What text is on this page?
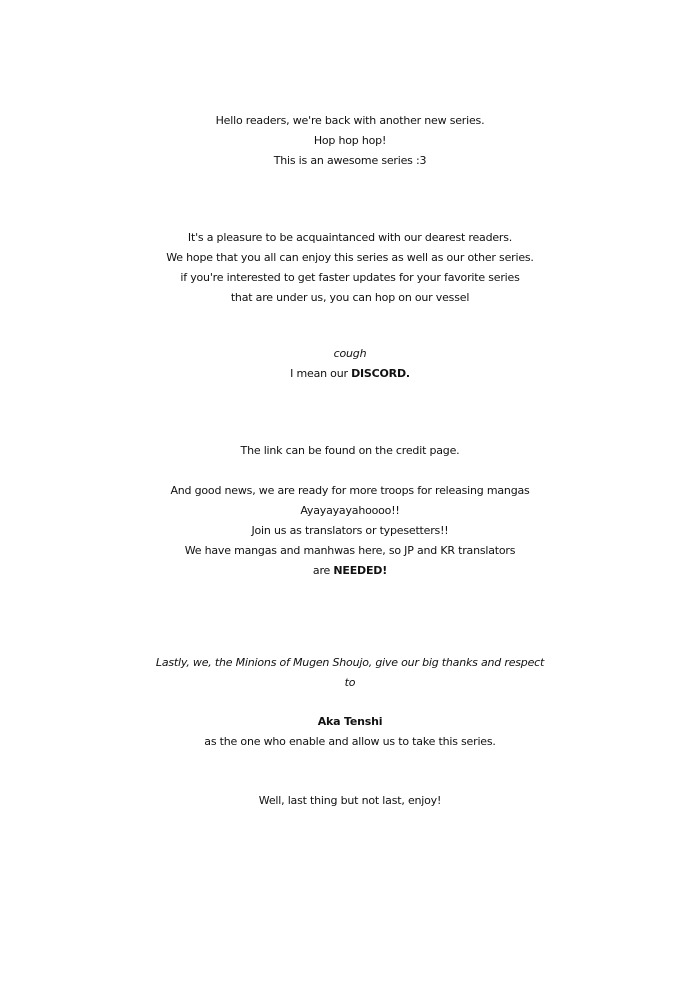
Hello readers, we're back with another new series.
Hop hop hop!
This is an awesome series :3
It's a pleasure to be acquaintanced with our dearest readers.
We hope that you all can enjoy this series as well as our other series.
if you're interested to get faster updates for your favorite series
that are under us, you can hop on our vessel
cough
I mean our DISCORD.
The link can be found on the credit page.
And good news, we are ready for more troops for releasing mangas
Ayayayayahoooo!!
Join us as translators or typesetters!!
We have mangas and manhwas here, so JP and KR translators
are NEEDED!
Lastly, we, the Minions of Mugen Shoujo, give our big thanks and respect
to
Aka Tenshi
as the one who enable and allow us to take this series.
Well, last thing but not last, enjoy!
